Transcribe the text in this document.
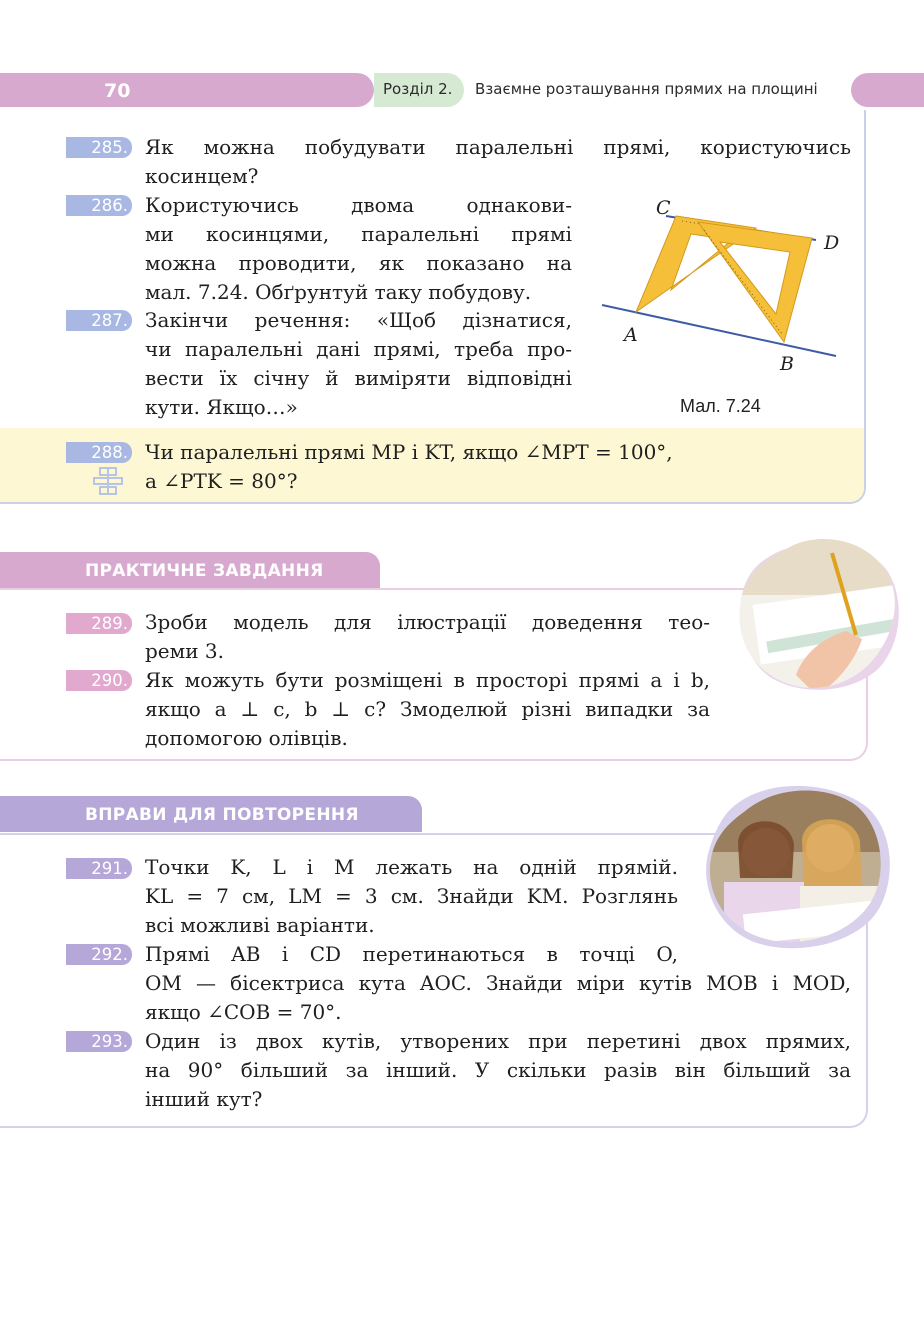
70	Розділ 2. Взаємне розташування прямих на площині
285. Як можна побудувати паралельні прямі, користуючись
косинцем?
286. Користуючись двома однакови-
ми косинцями, паралельні прямі
можна проводити, як показано на
мал. 7.24. Обґрунтуй таку побудову.
287. Закінчи речення: «Щоб дізнатися,
чи паралельні дані прямі, треба про-
вести їх січну й виміряти відповідні
кути. Якщо…»
C
D
A
B
Мал. 7.24
288. Чи паралельні прямі MP і KT, якщо ∠MPT = 100°,
а ∠PTK = 80°?
ПРАКТИЧНЕ ЗАВДАННЯ
289. Зроби модель для ілюстрації доведення тео-
реми 3.
290. Як можуть бути розміщені в просторі прямі a і b,
якщо a ⊥ c, b ⊥ c? Змоделюй різні випадки за
допомогою олівців.
ВПРАВИ ДЛЯ ПОВТОРЕННЯ
291. Точки K, L і M лежать на одній прямій.
KL = 7 см, LM = 3 см. Знайди KM. Розглянь
всі можливі варіанти.
292. Прямі AB і CD перетинаються в точці O,
OM — бісектриса кута AOC. Знайди міри кутів MOB і MOD,
якщо ∠COB = 70°.
293. Один із двох кутів, утворених при перетині двох прямих,
на 90° більший за інший. У скільки разів він більший за
інший кут?
